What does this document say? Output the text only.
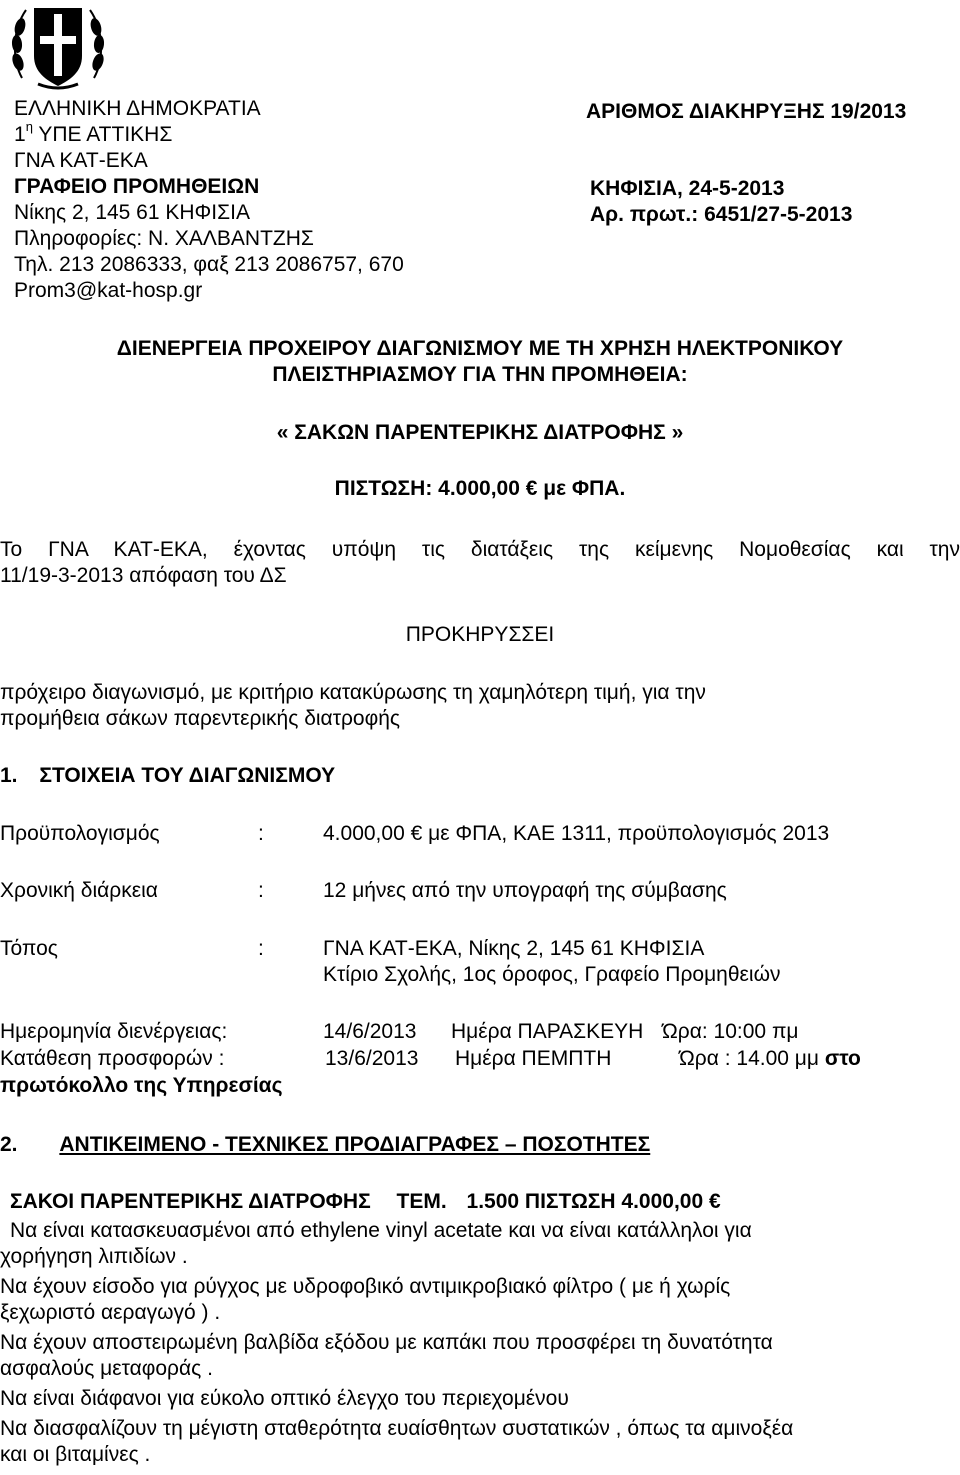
ΕΛΛΗΝΙΚΗ ΔΗΜΟΚΡΑΤΙΑ
$1^\eta$ ΥΠΕ ΑΤΤΙΚΗΣ
ΓΝΑ ΚΑΤ-ΕΚΑ
ΓΡΑΦΕΙΟ ΠΡΟΜΗΘΕΙΩΝ
Νίκης 2, 145 61 ΚΗΦΙΣΙΑ
Πληροφορίες: Ν. ΧΑΛΒΑΝΤΖΗΣ
Τηλ. 213 2086333, φαξ 213 2086757, 670
Prom3@kat-hosp.gr
ΑΡΙΘΜΟΣ ΔΙΑΚΗΡΥΞΗΣ 19/2013
ΚΗΦΙΣΙΑ, 24-5-2013
Αρ. πρωτ.: 6451/27-5-2013
ΔΙΕΝΕΡΓΕΙΑ ΠΡΟΧΕΙΡΟΥ ΔΙΑΓΩΝΙΣΜΟΥ ΜΕ ΤΗ ΧΡΗΣΗ ΗΛΕΚΤΡΟΝΙΚΟΥ
ΠΛΕΙΣΤΗΡΙΑΣΜΟΥ ΓΙΑ ΤΗΝ ΠΡΟΜΗΘΕΙΑ:
« ΣΑΚΩΝ ΠΑΡΕΝΤΕΡΙΚΗΣ ΔΙΑΤΡΟΦΗΣ »
ΠΙΣΤΩΣΗ: 4.000,00 € με ΦΠΑ.
Το ΓΝΑ ΚΑΤ-ΕΚΑ, έχοντας υπόψη τις διατάξεις της κείμενης Νομοθεσίας και την
11/19-3-2013 απόφαση του ΔΣ
ΠΡΟΚΗΡΥΣΣΕΙ
πρόχειρο διαγωνισμό, με κριτήριο κατακύρωσης τη χαμηλότερη τιμή, για την
προμήθεια σάκων παρεντερικής διατροφής
1. ΣΤΟΙΧΕΙΑ ΤΟΥ ΔΙΑΓΩΝΙΣΜΟΥ
Προϋπολογισμός	:	4.000,00 € με ΦΠΑ, ΚΑΕ 1311, προϋπολογισμός 2013
Χρονική διάρκεια	:	12 μήνες από την υπογραφή της σύμβασης
Τόπος	:	ΓΝΑ ΚΑΤ-ΕΚΑ, Νίκης 2, 145 61 ΚΗΦΙΣΙΑ
Κτίριο Σχολής, 1ος όροφος, Γραφείο Προμηθειών
Ημερομηνία διενέργειας:	14/6/2013 Ημέρα ΠΑΡΑΣΚΕΥΗ Ώρα: 10:00 πμ
Κατάθεση προσφορών :	13/6/2013 Ημέρα ΠΕΜΠΤΗ	Ώρα : 14.00 μμ στο
πρωτόκολλο της Υπηρεσίας
2. ΑΝΤΙΚΕΙΜΕΝΟ - ΤΕΧΝΙΚΕΣ ΠΡΟΔΙΑΓΡΑΦΕΣ – ΠΟΣΟΤΗΤΕΣ
ΣΑΚΟΙ ΠΑΡΕΝΤΕΡΙΚΗΣ ΔΙΑΤΡΟΦΗΣ ΤΕΜ. 1.500 ΠΙΣΤΩΣΗ 4.000,00 €
Να είναι κατασκευασμένοι από ethylene vinyl acetate και να είναι κατάλληλοι για
χορήγηση λιπιδίων .
Να έχουν είσοδο για ρύγχος με υδροφοβικό αντιμικροβιακό φίλτρο ( με ή χωρίς
ξεχωριστό αεραγωγό ) .
Να έχουν αποστειρωμένη βαλβίδα εξόδου με καπάκι που προσφέρει τη δυνατότητα
ασφαλούς μεταφοράς .
Να είναι διάφανοι για εύκολο οπτικό έλεγχο του περιεχομένου
Να διασφαλίζουν τη μέγιστη σταθερότητα ευαίσθητων συστατικών , όπως τα αμινοξέα
και οι βιταμίνες .
